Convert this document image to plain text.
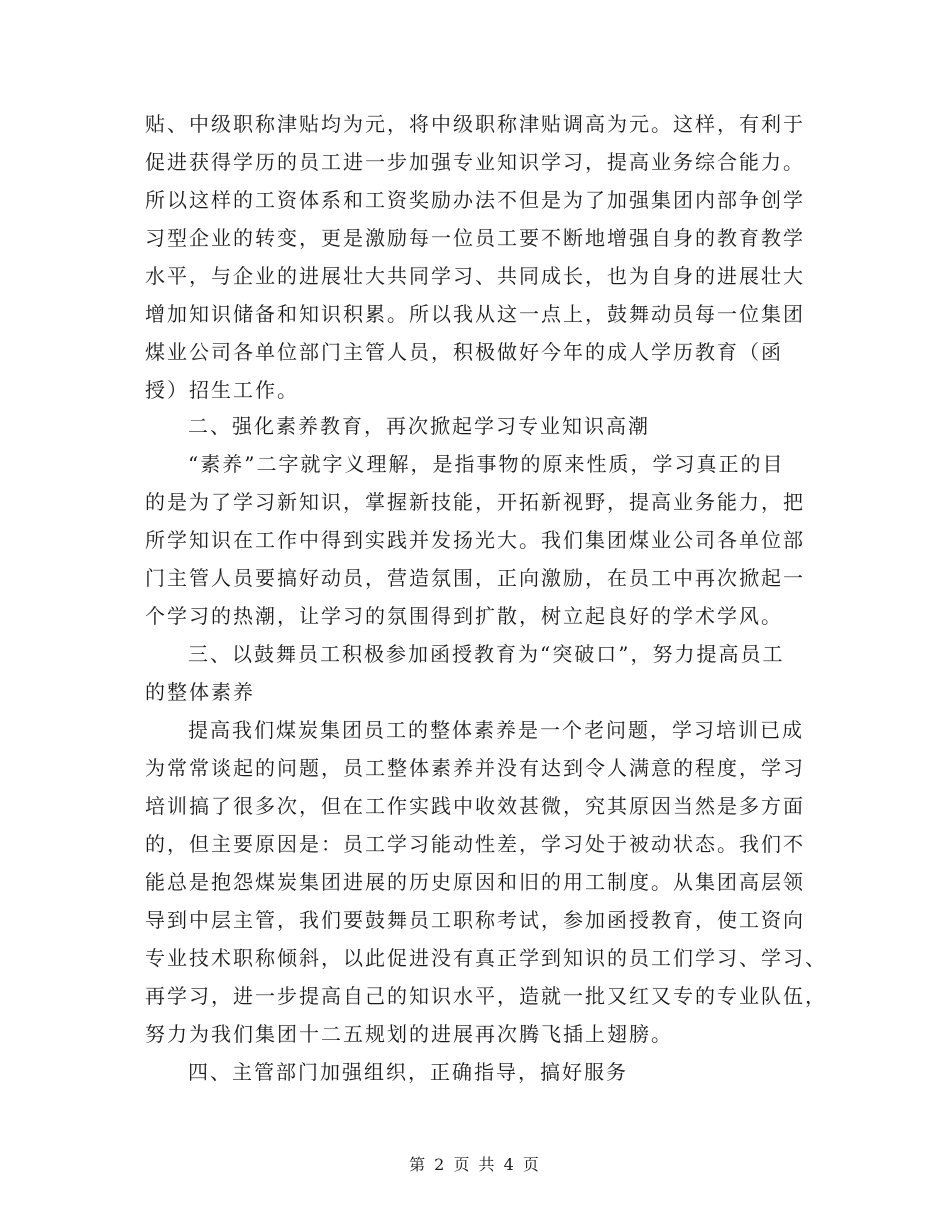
贴、中级职称津贴均为元，将中级职称津贴调高为元。这样，有利于
促进获得学历的员工进一步加强专业知识学习，提高业务综合能力。
所以这样的工资体系和工资奖励办法不但是为了加强集团内部争创学
习型企业的转变，更是激励每一位员工要不断地增强自身的教育教学
水平，与企业的进展壮大共同学习、共同成长，也为自身的进展壮大
增加知识储备和知识积累。所以我从这一点上，鼓舞动员每一位集团
煤业公司各单位部门主管人员，积极做好今年的成人学历教育（函
授）招生工作。
二、强化素养教育，再次掀起学习专业知识高潮
“素养”二字就字义理解，是指事物的原来性质，学习真正的目
的是为了学习新知识，掌握新技能，开拓新视野，提高业务能力，把
所学知识在工作中得到实践并发扬光大。我们集团煤业公司各单位部
门主管人员要搞好动员，营造氛围，正向激励，在员工中再次掀起一
个学习的热潮，让学习的氛围得到扩散，树立起良好的学术学风。
三、以鼓舞员工积极参加函授教育为“突破口”，努力提高员工
的整体素养
提高我们煤炭集团员工的整体素养是一个老问题，学习培训已成
为常常谈起的问题，员工整体素养并没有达到令人满意的程度，学习
培训搞了很多次，但在工作实践中收效甚微，究其原因当然是多方面
的，但主要原因是：员工学习能动性差，学习处于被动状态。我们不
能总是抱怨煤炭集团进展的历史原因和旧的用工制度。从集团高层领
导到中层主管，我们要鼓舞员工职称考试，参加函授教育，使工资向
专业技术职称倾斜，以此促进没有真正学到知识的员工们学习、学习、
再学习，进一步提高自己的知识水平，造就一批又红又专的专业队伍，
努力为我们集团十二五规划的进展再次腾飞插上翅膀。
四、主管部门加强组织，正确指导，搞好服务
第 2 页 共 4 页
